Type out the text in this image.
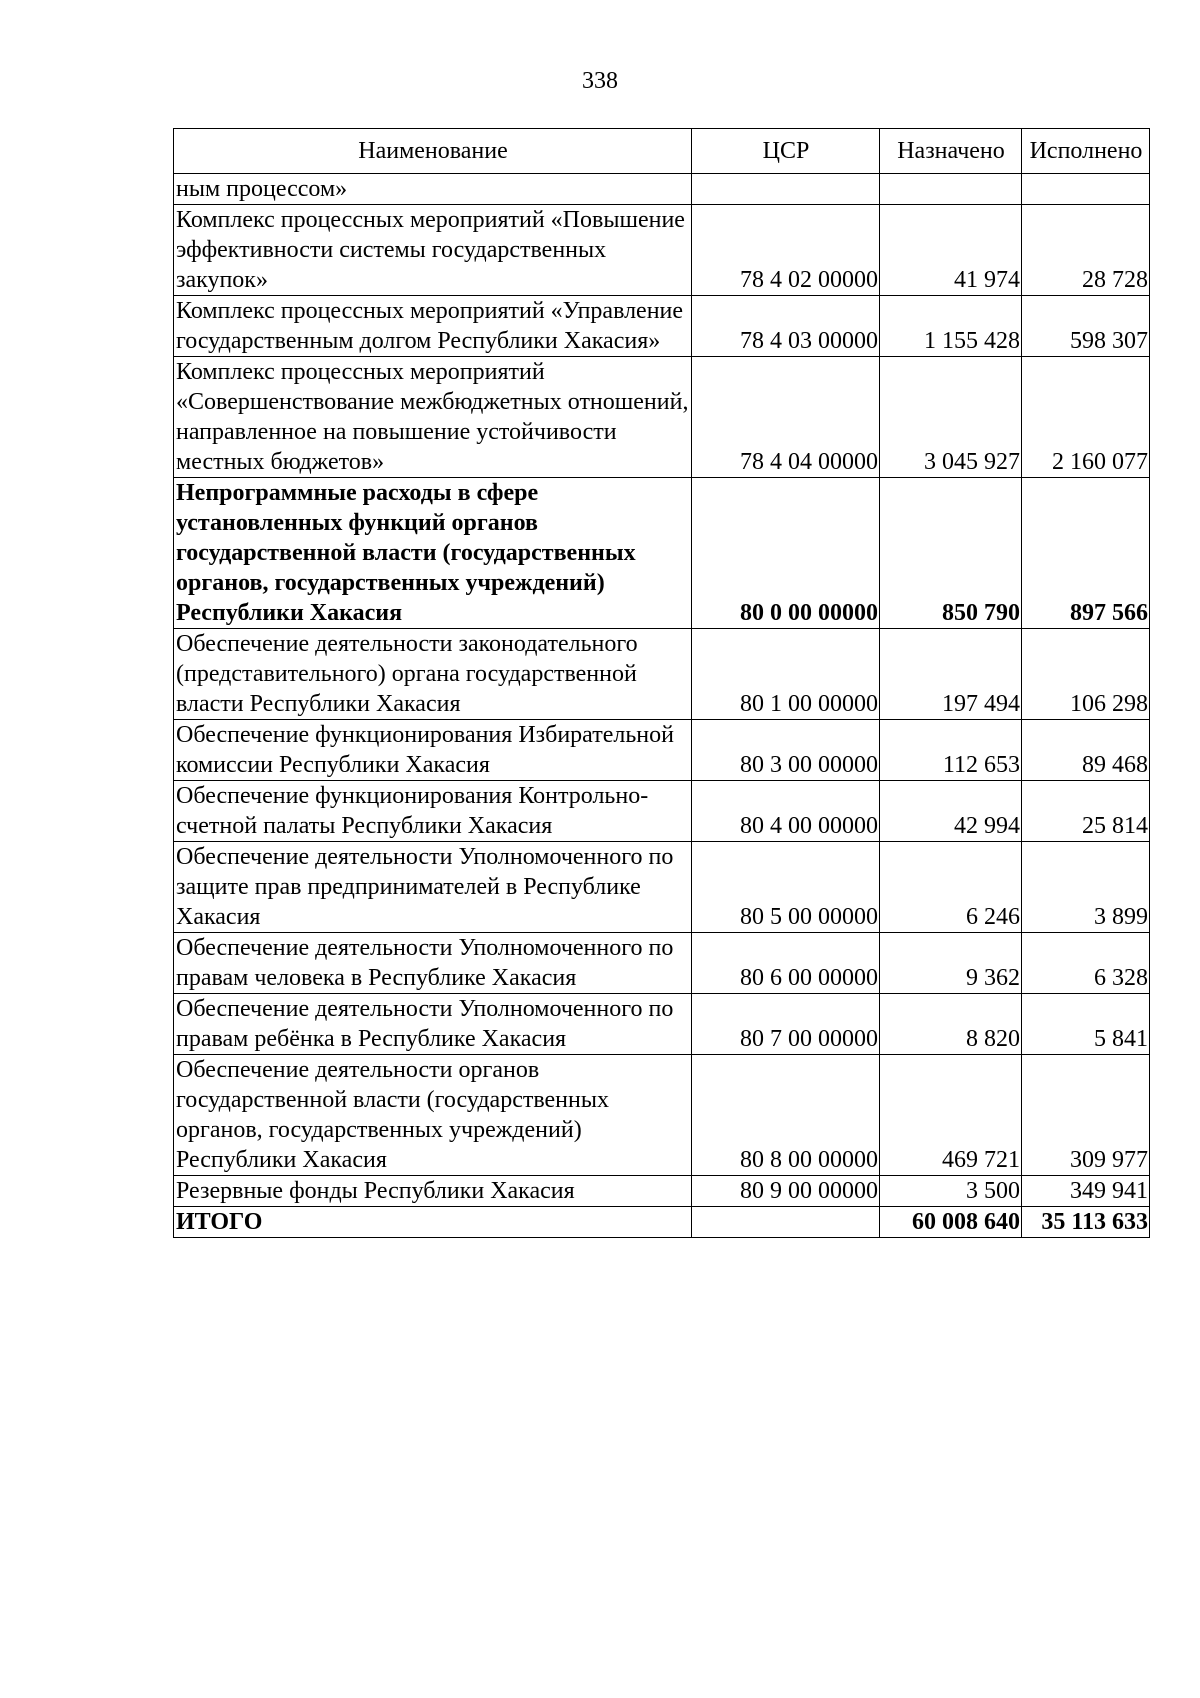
338
Наименование	ЦСР	Назначено	Исполнено
ным процессом»			
Комплекс процессных мероприятий «Повышение эффективности системы государственных закупок»	78 4 02 00000	41 974	28 728
Комплекс процессных мероприятий «Управление государственным долгом Республики Хакасия»	78 4 03 00000	1 155 428	598 307
Комплекс процессных мероприятий «Совершенствование межбюджетных отношений, направленное на повышение устойчивости местных бюджетов»	78 4 04 00000	3 045 927	2 160 077
Непрограммные расходы в сфере установленных функций органов государственной власти (государственных органов, государственных учреждений) Республики Хакасия	80 0 00 00000	850 790	897 566
Обеспечение деятельности законодательного (представительного) органа государственной власти Республики Хакасия	80 1 00 00000	197 494	106 298
Обеспечение функционирования Избирательной комиссии Республики Хакасия	80 3 00 00000	112 653	89 468
Обеспечение функционирования Контрольно-счетной палаты Республики Хакасия	80 4 00 00000	42 994	25 814
Обеспечение деятельности Уполномоченного по защите прав предпринимателей в Республике Хакасия	80 5 00 00000	6 246	3 899
Обеспечение деятельности Уполномоченного по правам человека в Республике Хакасия	80 6 00 00000	9 362	6 328
Обеспечение деятельности Уполномоченного по правам ребёнка в Республике Хакасия	80 7 00 00000	8 820	5 841
Обеспечение деятельности органов государственной власти (государственных органов, государственных учреждений) Республики Хакасия	80 8 00 00000	469 721	309 977
Резервные фонды Республики Хакасия	80 9 00 00000	3 500	349 941
ИТОГО		60 008 640	35 113 633
